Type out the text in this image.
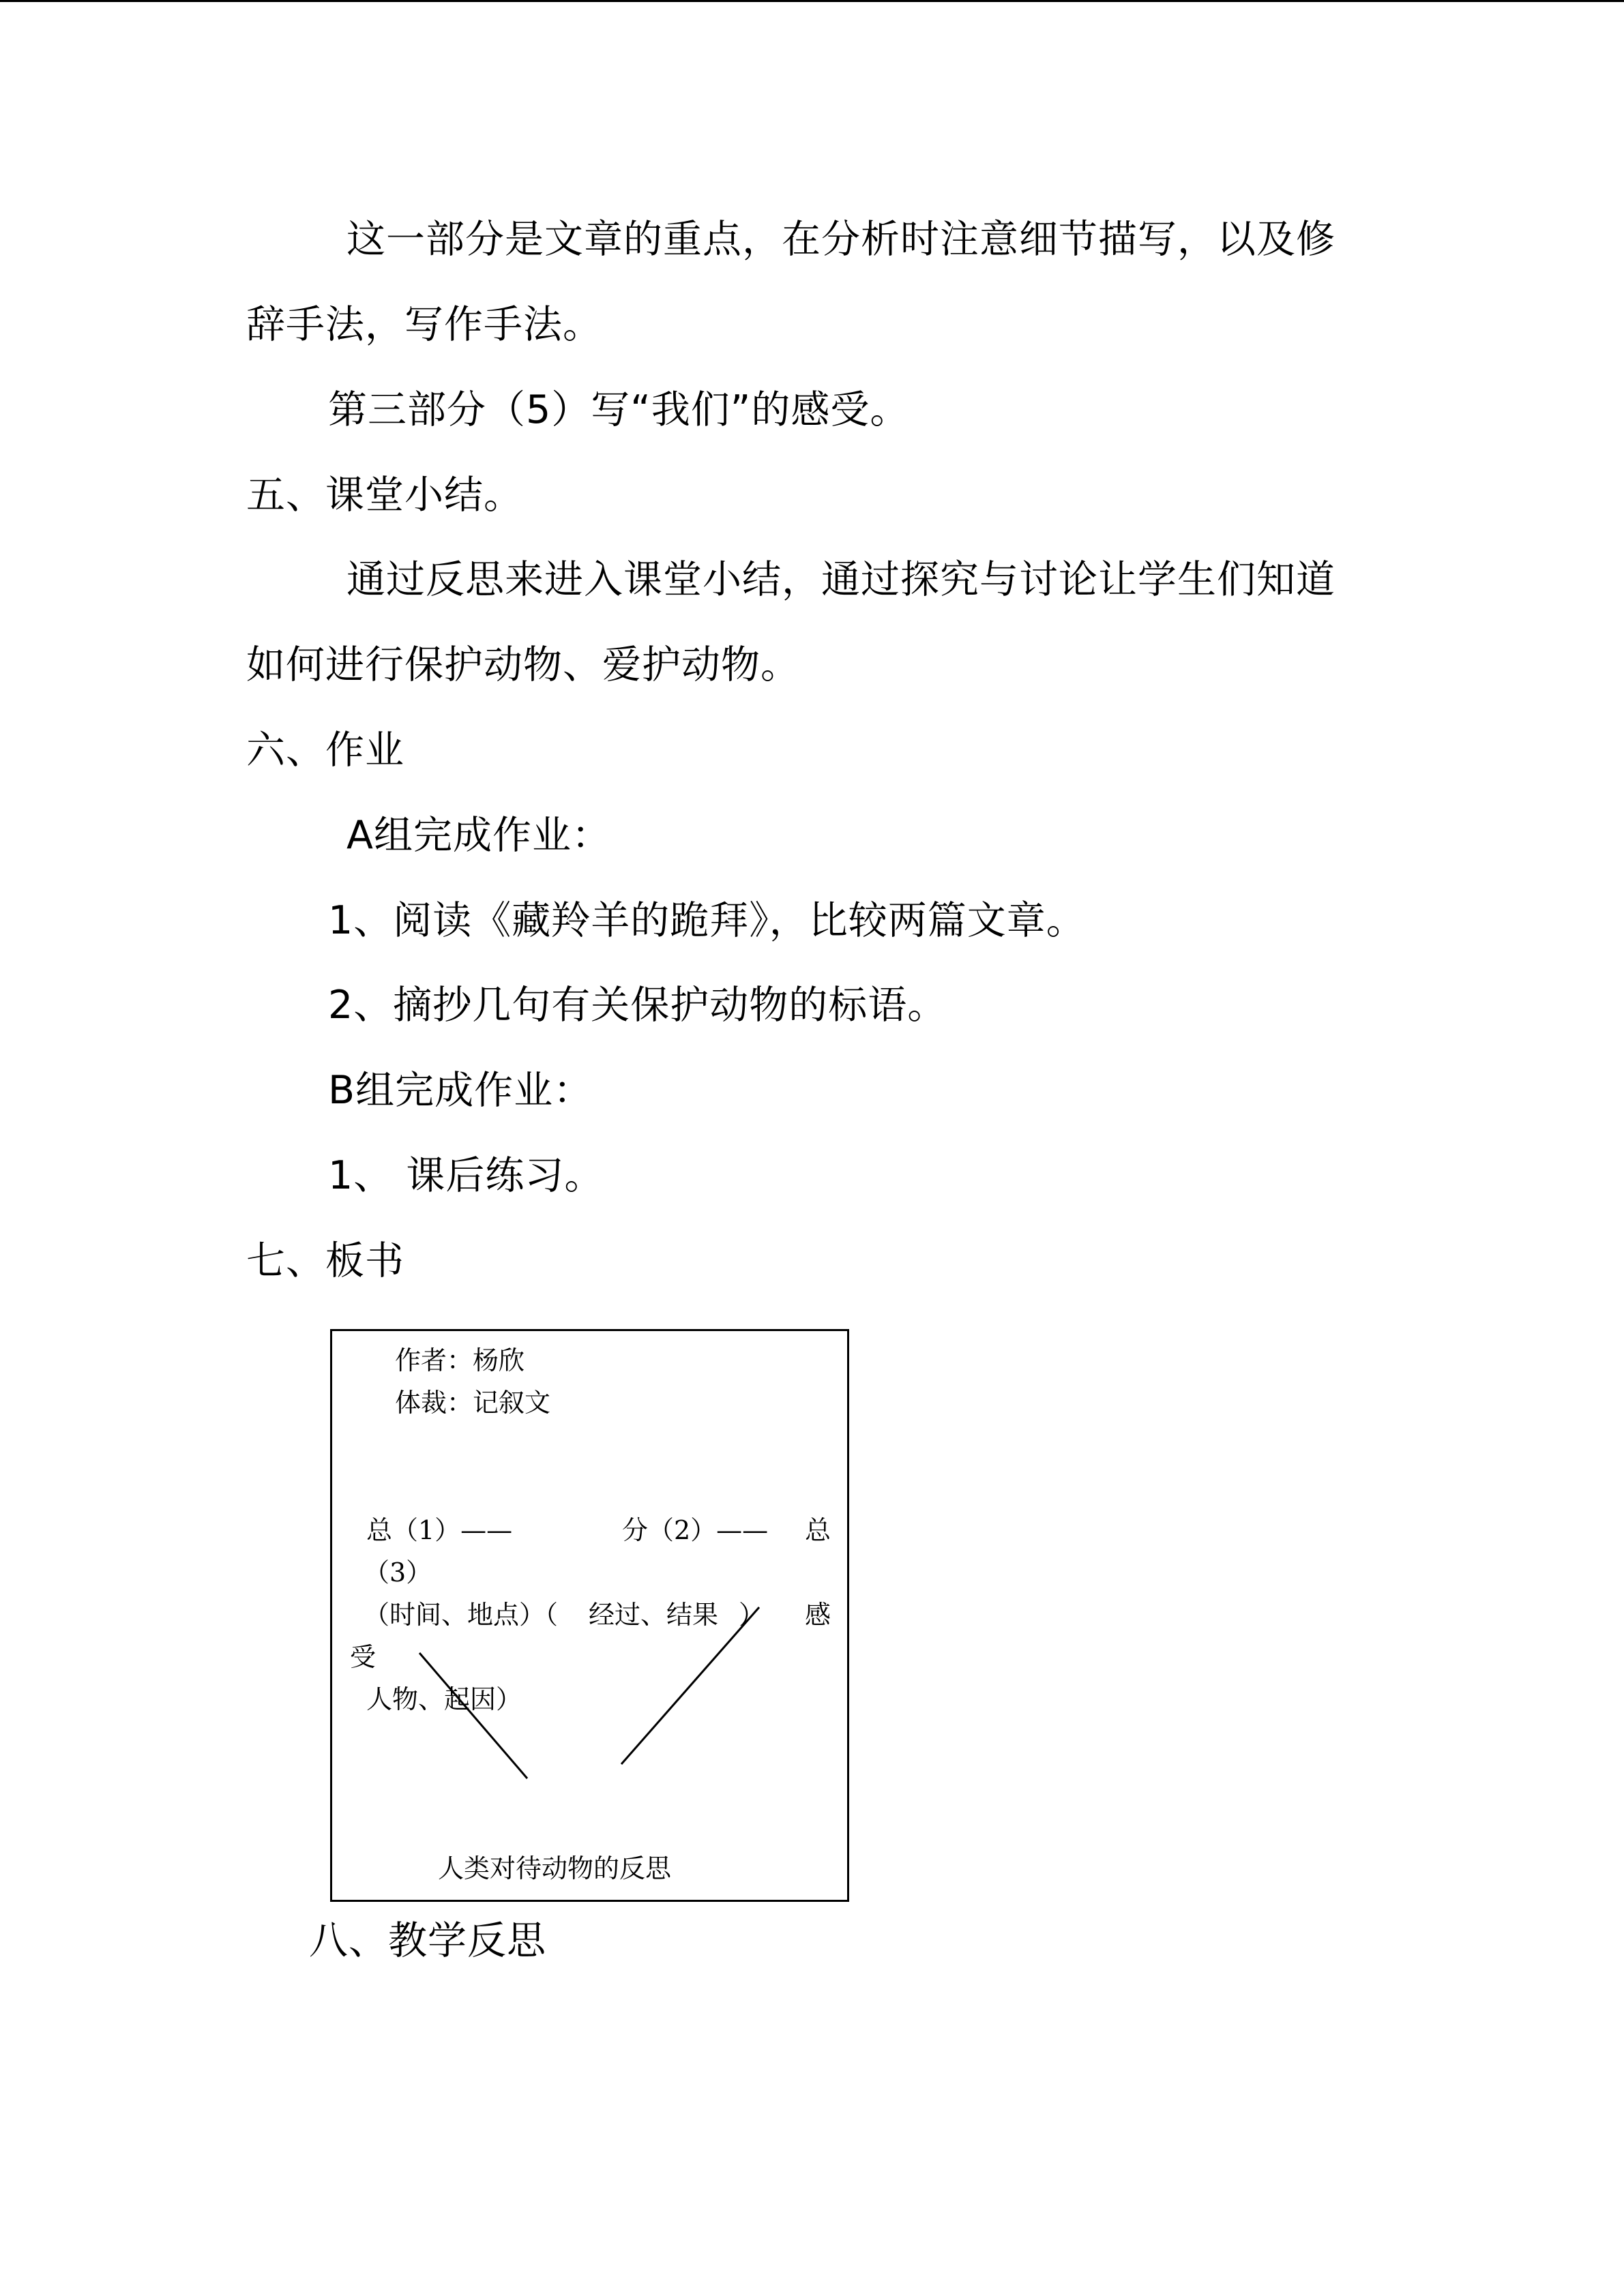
这一部分是文章的重点，在分析时注意细节描写，以及修
辞手法，写作手法。
第三部分（5）写“我们”的感受。
五、课堂小结。
通过反思来进入课堂小结，通过探究与讨论让学生们知道
如何进行保护动物、爱护动物。
六、作业
A组完成作业：
1、阅读《藏羚羊的跪拜》，比较两篇文章。
2、摘抄几句有关保护动物的标语。
B组完成作业：
1、 课后练习。
七、板书
作者：杨欣
体裁：记叙文
总（1）——	分（2）—— 总
（3）
（时间、地点）（ 经过、结果 ） 感
受
人物、起因）
人类对待动物的反思
八、教学反思
